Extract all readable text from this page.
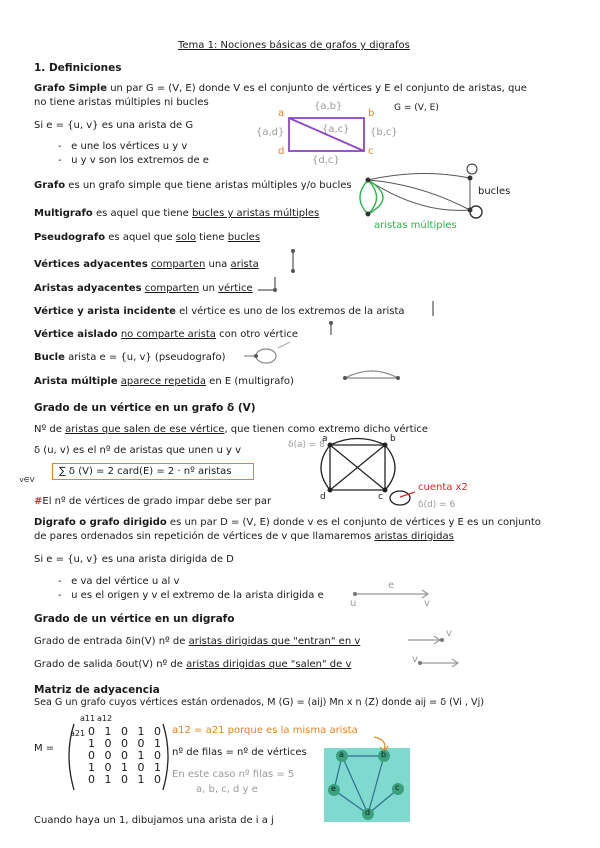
Tema 1: Nociones básicas de grafos y digrafos
1. Definiciones
Grafo Simple un par G = (V, E) donde V es el conjunto de vértices y E el conjunto de aristas, que
no tiene aristas múltiples ni bucles
Si e = {u, v} es una arista de G
-   e une los vértices u y v
-   u y v son los extremos de e
a	b
c
d
{a,b}
{a,c}
{a,d}	{b,c}
{d,c}
G = (V, E)
Grafo es un grafo simple que tiene aristas múltiples y/o bucles
bucles
aristas múltiples
Multigrafo es aquel que tiene bucles y aristas múltiples
Pseudografo es aquel que solo tiene bucles
Vértices adyacentes comparten una arista
Aristas adyacentes comparten un vértice
Vértice y arista incidente el vértice es uno de los extremos de la arista
Vértice aislado no comparte arista con otro vértice
Bucle arista e = {u, v} (pseudografo)
Arista múltiple aparece repetida en E (multigrafo)
Grado de un vértice en un grafo δ (V)
Nº de aristas que salen de ese vértice, que tienen como extremo dicho vértice
δ (u, v) es el nº de aristas que unen u y v
∑ δ (V) = 2 card(E) = 2 · nº aristas$_{v\in V}$
#El nº de vértices de grado impar debe ser par
δ(a) = 8
a	b
c
d
cuenta x2
δ(d) = 6
Digrafo o grafo dirigido es un par D = (V, E) donde v es el conjunto de vértices y E es un conjunto
de pares ordenados sin repetición de vértices de v que llamaremos aristas dirigidas
Si e = {u, v} es una arista dirigida de D
-   e va del vértice u al v
-   u es el origen y v el extremo de la arista dirigida e
e
u	v
Grado de un vértice en un digrafo
Grado de entrada δin(V) nº de aristas dirigidas que "entran" en v
Grado de salida δout(V) nº de aristas dirigidas que "salen" de v
v
v
Matriz de adyacencia
Sea G un grafo cuyos vértices están ordenados, M (G) = (aij) Mn x n (Z) donde aij = δ (Vi , Vj)
M =
a11 a12
a21 0 1 0 1 0
1 0 0 0 1
0 0 0 1 0
1 0 1 0 1
0 1 0 1 0
a12 = a21 porque es la misma arista
nº de filas = nº de vértices
En este caso nº filas = 5
a, b, c, d y e
a	b
c
d
e
Cuando haya un 1, dibujamos una arista de i a j
